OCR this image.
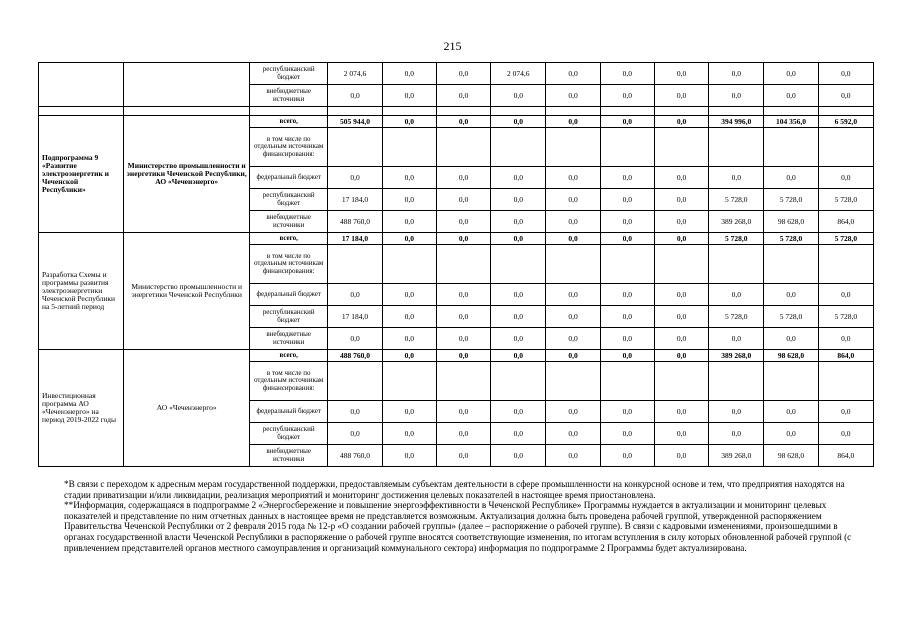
215
		республиканский бюджет	2 074,6	0,0	0,0	2 074,6	0,0	0,0	0,0	0,0	0,0	0,0
		внебюджетные источники	0,0	0,0	0,0	0,0	0,0	0,0	0,0	0,0	0,0	0,0

Подпрограмма 9 «Развитие электроэнергетик и Чеченской Республики»	Министерство промышленности и энергетики Чеченской Республики, АО «Чеченэнерго»	всего,	505 944,0	0,0	0,0	0,0	0,0	0,0	0,0	394 996,0	104 356,0	6 592,0
		в том числе по отдельным источникам финансирования:										
		федеральный бюджет	0,0	0,0	0,0	0,0	0,0	0,0	0,0	0,0	0,0	0,0
		республиканский бюджет	17 184,0	0,0	0,0	0,0	0,0	0,0	0,0	5 728,0	5 728,0	5 728,0
		внебюджетные источники	488 760,0	0,0	0,0	0,0	0,0	0,0	0,0	389 268,0	98 628,0	864,0
Разработка Схемы и программы развития электроэнергетики Чеченской Республики на 5-летний период	Министерство промышленности и энергетики Чеченской Республики	всего,	17 184,0	0,0	0,0	0,0	0,0	0,0	0,0	5 728,0	5 728,0	5 728,0
		в том числе по отдельным источникам финансирования:										
		федеральный бюджет	0,0	0,0	0,0	0,0	0,0	0,0	0,0	0,0	0,0	0,0
		республиканский бюджет	17 184,0	0,0	0,0	0,0	0,0	0,0	0,0	5 728,0	5 728,0	5 728,0
		внебюджетные источники	0,0	0,0	0,0	0,0	0,0	0,0	0,0	0,0	0,0	0,0
Инвестиционная программа АО «Чеченэнерго» на период 2019-2022 годы	АО «Чеченэнерго»	всего,	488 760,0	0,0	0,0	0,0	0,0	0,0	0,0	389 268,0	98 628,0	864,0
		в том числе по отдельным источникам финансирования:										
		федеральный бюджет	0,0	0,0	0,0	0,0	0,0	0,0	0,0	0,0	0,0	0,0
		республиканский бюджет	0,0	0,0	0,0	0,0	0,0	0,0	0,0	0,0	0,0	0,0
		внебюджетные источники	488 760,0	0,0	0,0	0,0	0,0	0,0	0,0	389 268,0	98 628,0	864,0

*В связи с переходом к адресным мерам государственной поддержки, предоставляемым субъектам деятельности в сфере промышленности на конкурсной основе и тем, что предприятия находятся на стадии приватизации и/или ликвидации, реализация мероприятий и мониторинг достижения целевых показателей в настоящее время приостановлена.

**Информация, содержащаяся в подпрограмме 2 «Энергосбережение и повышение энергоэффективности в Чеченской Республике» Программы нуждается в актуализации и мониторинг целевых показателей и представление по ним отчетных данных в настоящее время не представляется возможным. Актуализация должна быть проведена рабочей группой, утвержденной распоряжением Правительства Чеченской Республики от 2 февраля 2015 года № 12-р «О создании рабочей группы» (далее – распоряжение о рабочей группе). В связи с кадровыми изменениями, произошедшими в органах государственной власти Чеченской Республики в распоряжение о рабочей группе вносятся соответствующие изменения, по итогам вступления в силу которых обновленной рабочей группой (с привлечением представителей органов местного самоуправления и организаций коммунального сектора) информация по подпрограмме 2 Программы будет актуализирована.
